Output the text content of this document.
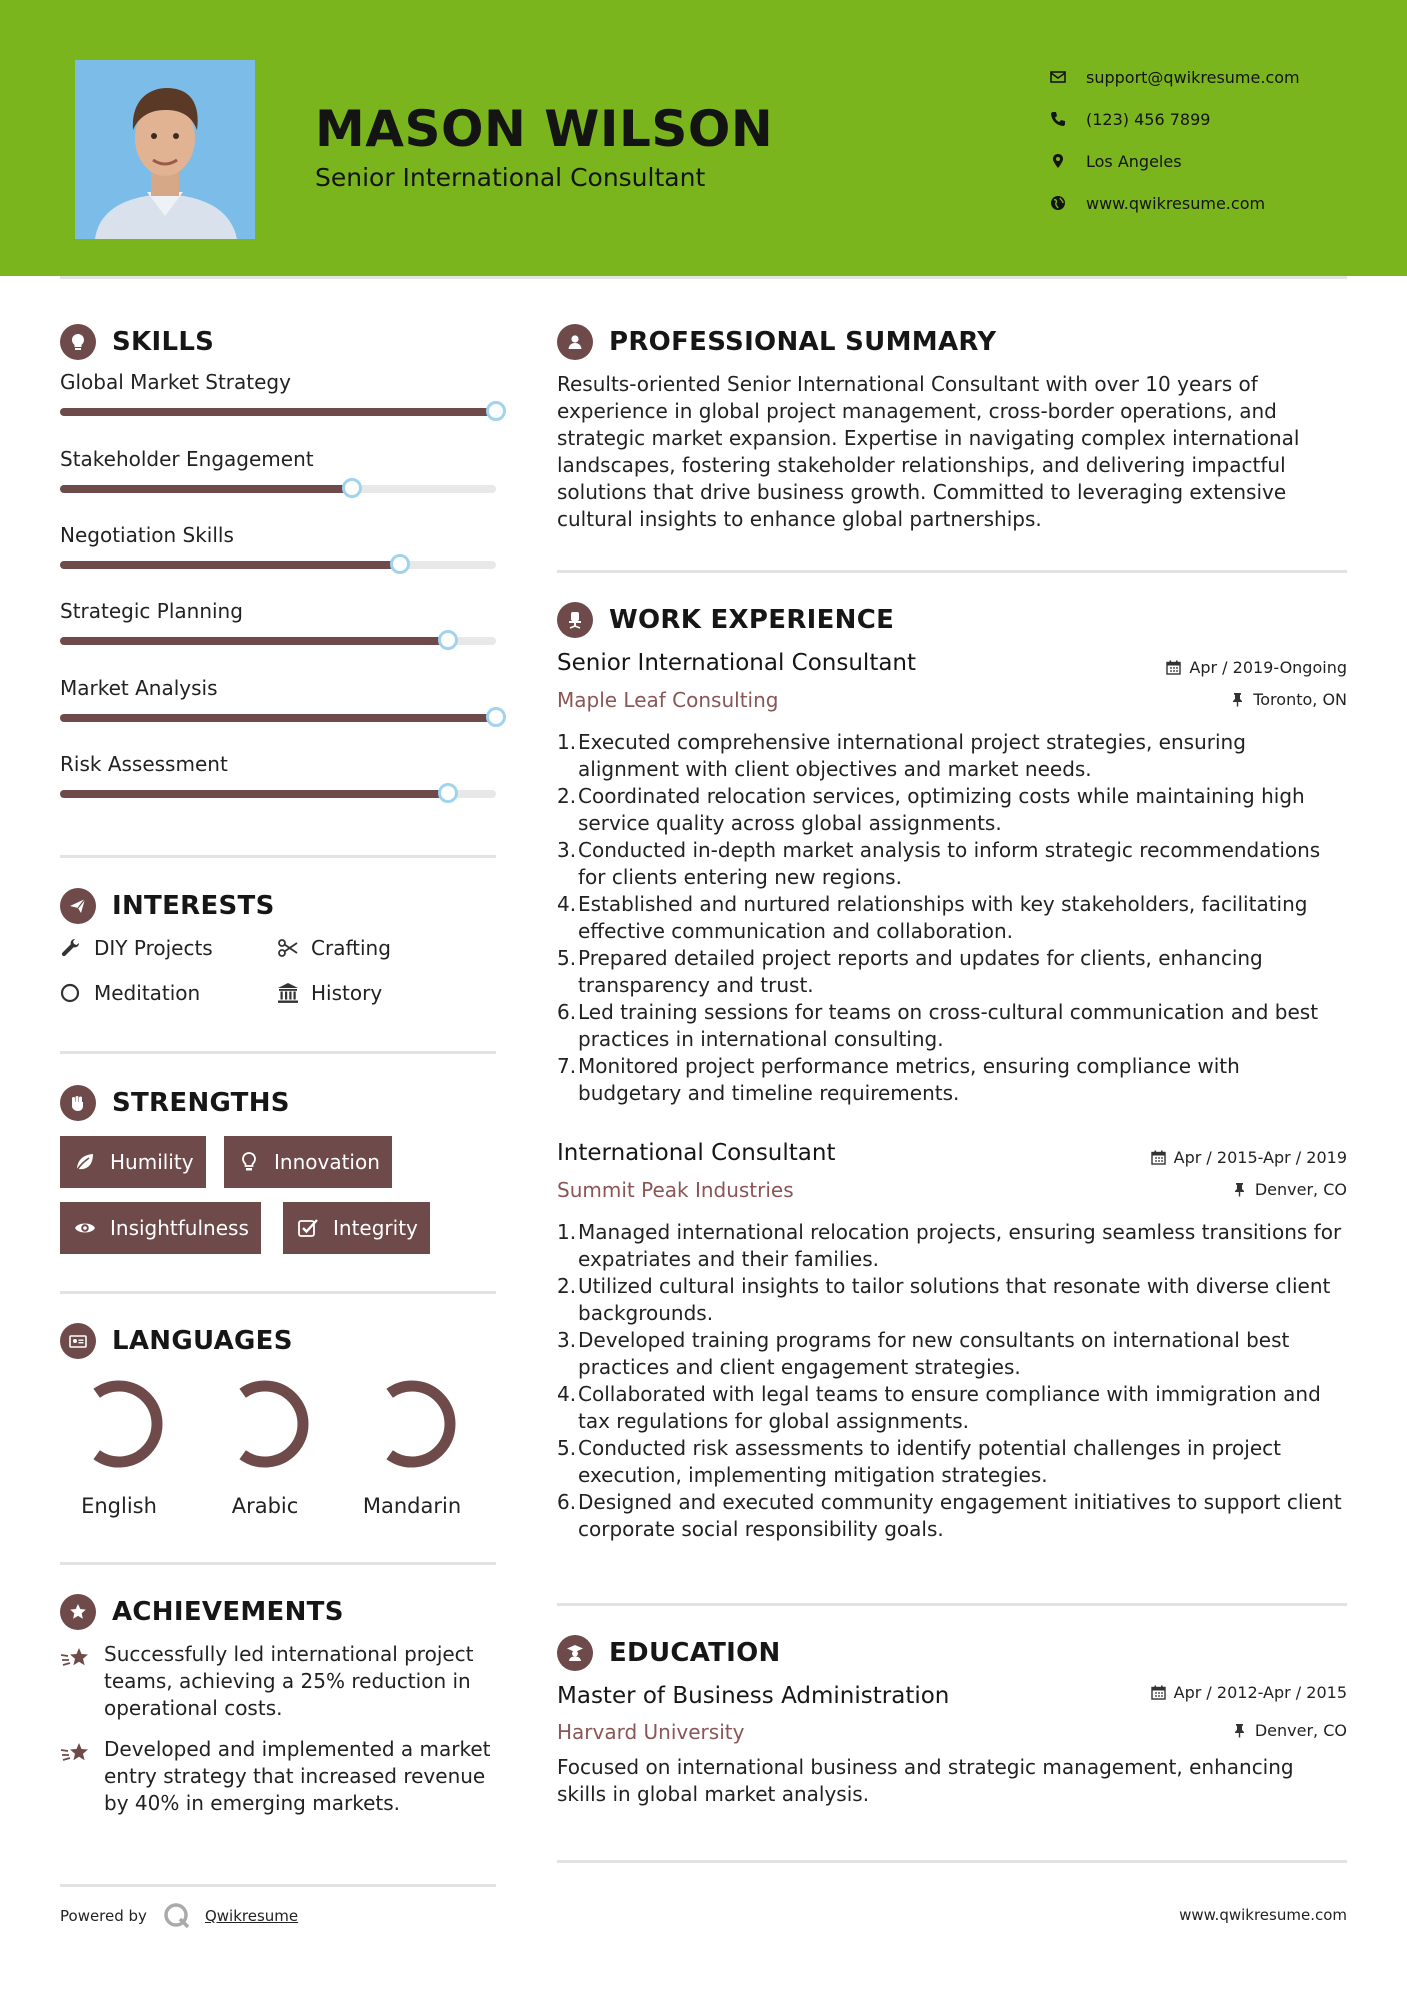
MASON WILSON
Senior International Consultant
support@qwikresume.com
(123) 456 7899
Los Angeles
www.qwikresume.com
SKILLS
Global Market Strategy
Stakeholder Engagement
Negotiation Skills
Strategic Planning
Market Analysis
Risk Assessment
INTERESTS
DIY Projects	Crafting
Meditation	History
STRENGTHS
Humility	Innovation
Insightfulness	Integrity
LANGUAGES
English	Arabic	Mandarin
ACHIEVEMENTS
Successfully led international project teams, achieving a 25% reduction in operational costs.
Developed and implemented a market entry strategy that increased revenue by 40% in emerging markets.
PROFESSIONAL SUMMARY
Results-oriented Senior International Consultant with over 10 years of experience in global project management, cross-border operations, and strategic market expansion. Expertise in navigating complex international landscapes, fostering stakeholder relationships, and delivering impactful solutions that drive business growth. Committed to leveraging extensive cultural insights to enhance global partnerships.
WORK EXPERIENCE
Senior International Consultant	Apr / 2019-Ongoing
Maple Leaf Consulting	Toronto, ON
1. Executed comprehensive international project strategies, ensuring alignment with client objectives and market needs.
2. Coordinated relocation services, optimizing costs while maintaining high service quality across global assignments.
3. Conducted in-depth market analysis to inform strategic recommendations for clients entering new regions.
4. Established and nurtured relationships with key stakeholders, facilitating effective communication and collaboration.
5. Prepared detailed project reports and updates for clients, enhancing transparency and trust.
6. Led training sessions for teams on cross-cultural communication and best practices in international consulting.
7. Monitored project performance metrics, ensuring compliance with budgetary and timeline requirements.
International Consultant	Apr / 2015-Apr / 2019
Summit Peak Industries	Denver, CO
1. Managed international relocation projects, ensuring seamless transitions for expatriates and their families.
2. Utilized cultural insights to tailor solutions that resonate with diverse client backgrounds.
3. Developed training programs for new consultants on international best practices and client engagement strategies.
4. Collaborated with legal teams to ensure compliance with immigration and tax regulations for global assignments.
5. Conducted risk assessments to identify potential challenges in project execution, implementing mitigation strategies.
6. Designed and executed community engagement initiatives to support client corporate social responsibility goals.
EDUCATION
Master of Business Administration	Apr / 2012-Apr / 2015
Harvard University	Denver, CO
Focused on international business and strategic management, enhancing skills in global market analysis.
Powered by	Qwikresume	www.qwikresume.com
